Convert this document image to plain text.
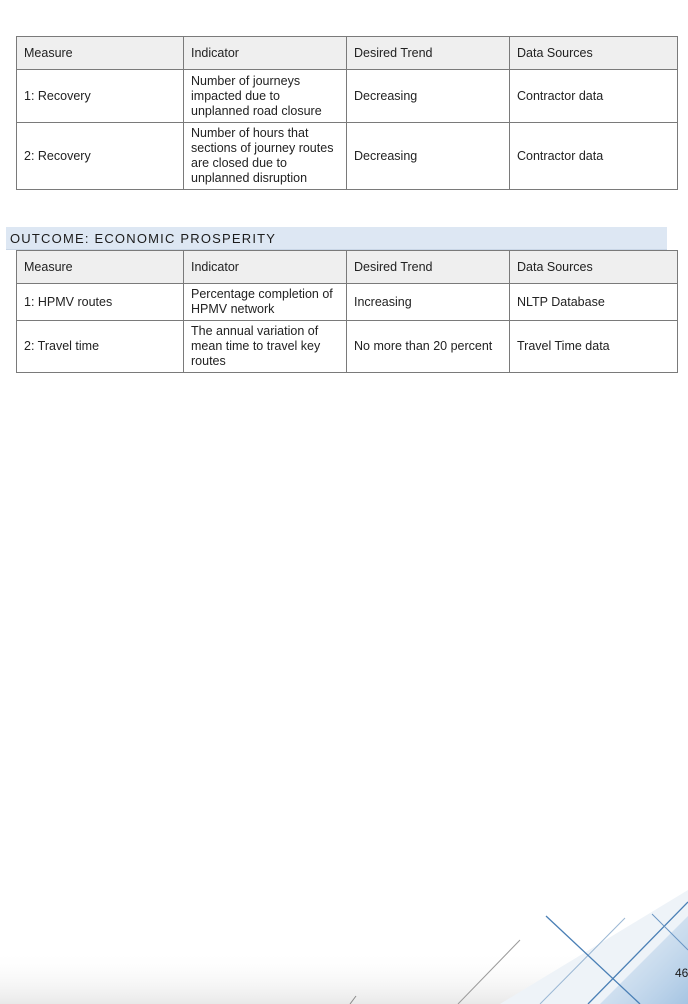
Measure	Indicator	Desired Trend	Data Sources
1: Recovery	Number of journeys impacted due to unplanned road closure	Decreasing	Contractor data
2: Recovery	Number of hours that sections of journey routes are closed due to unplanned disruption	Decreasing	Contractor data
OUTCOME: ECONOMIC PROSPERITY
Measure	Indicator	Desired Trend	Data Sources
1: HPMV routes	Percentage completion of HPMV network	Increasing	NLTP Database
2: Travel time	The annual variation of mean time to travel key routes	No more than 20 percent	Travel Time data
46
